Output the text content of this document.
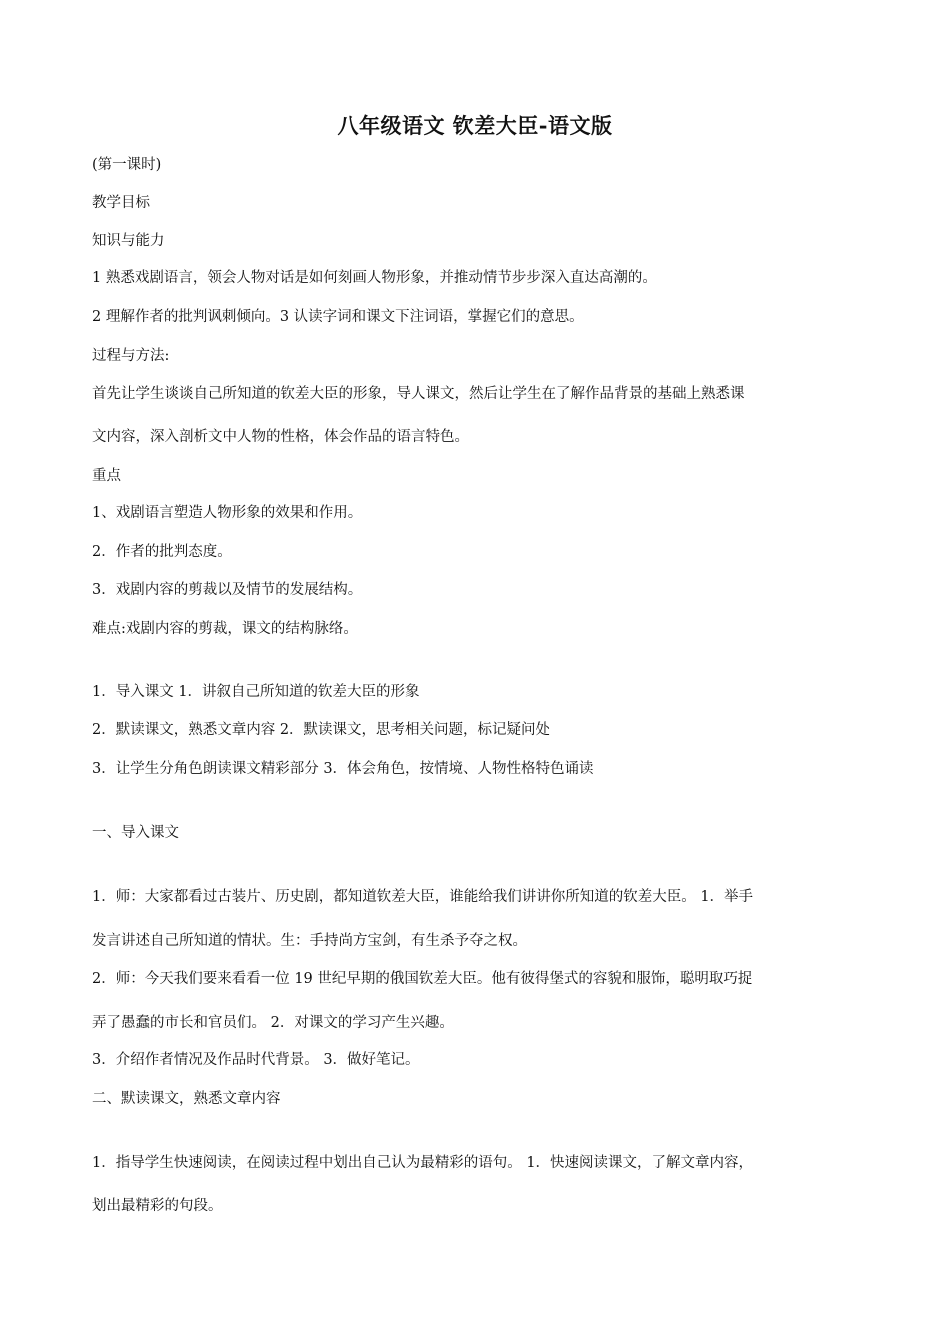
八年级语文 钦差大臣-语文版
(第一课时)
教学目标
知识与能力
1 熟悉戏剧语言，领会人物对话是如何刻画人物形象，并推动情节步步深入直达高潮的。
2 理解作者的批判讽刺倾向。3 认读字词和课文下注词语，掌握它们的意思。
过程与方法:
首先让学生谈谈自己所知道的钦差大臣的形象，导人课文，然后让学生在了解作品背景的基础上熟悉课
文内容，深入剖析文中人物的性格，体会作品的语言特色。
重点
1、戏剧语言塑造人物形象的效果和作用。
2．作者的批判态度。
3．戏剧内容的剪裁以及情节的发展结构。
难点:戏剧内容的剪裁，课文的结构脉络。
1．导入课文 1．讲叙自己所知道的钦差大臣的形象
2．默读课文，熟悉文章内容 2．默读课文，思考相关问题，标记疑问处
3．让学生分角色朗读课文精彩部分 3．体会角色，按情境、人物性格特色诵读
一、导入课文
1．师：大家都看过古装片、历史剧，都知道钦差大臣，谁能给我们讲讲你所知道的钦差大臣。 1．举手
发言讲述自己所知道的情状。生：手持尚方宝剑，有生杀予夺之权。
2．师：今天我们要来看看一位 19 世纪早期的俄国钦差大臣。他有彼得堡式的容貌和服饰，聪明取巧捉
弄了愚蠢的市长和官员们。 2．对课文的学习产生兴趣。
3．介绍作者情况及作品时代背景。 3．做好笔记。
二、默读课文，熟悉文章内容
1．指导学生快速阅读，在阅读过程中划出自己认为最精彩的语句。 1．快速阅读课文，了解文章内容，
划出最精彩的句段。
